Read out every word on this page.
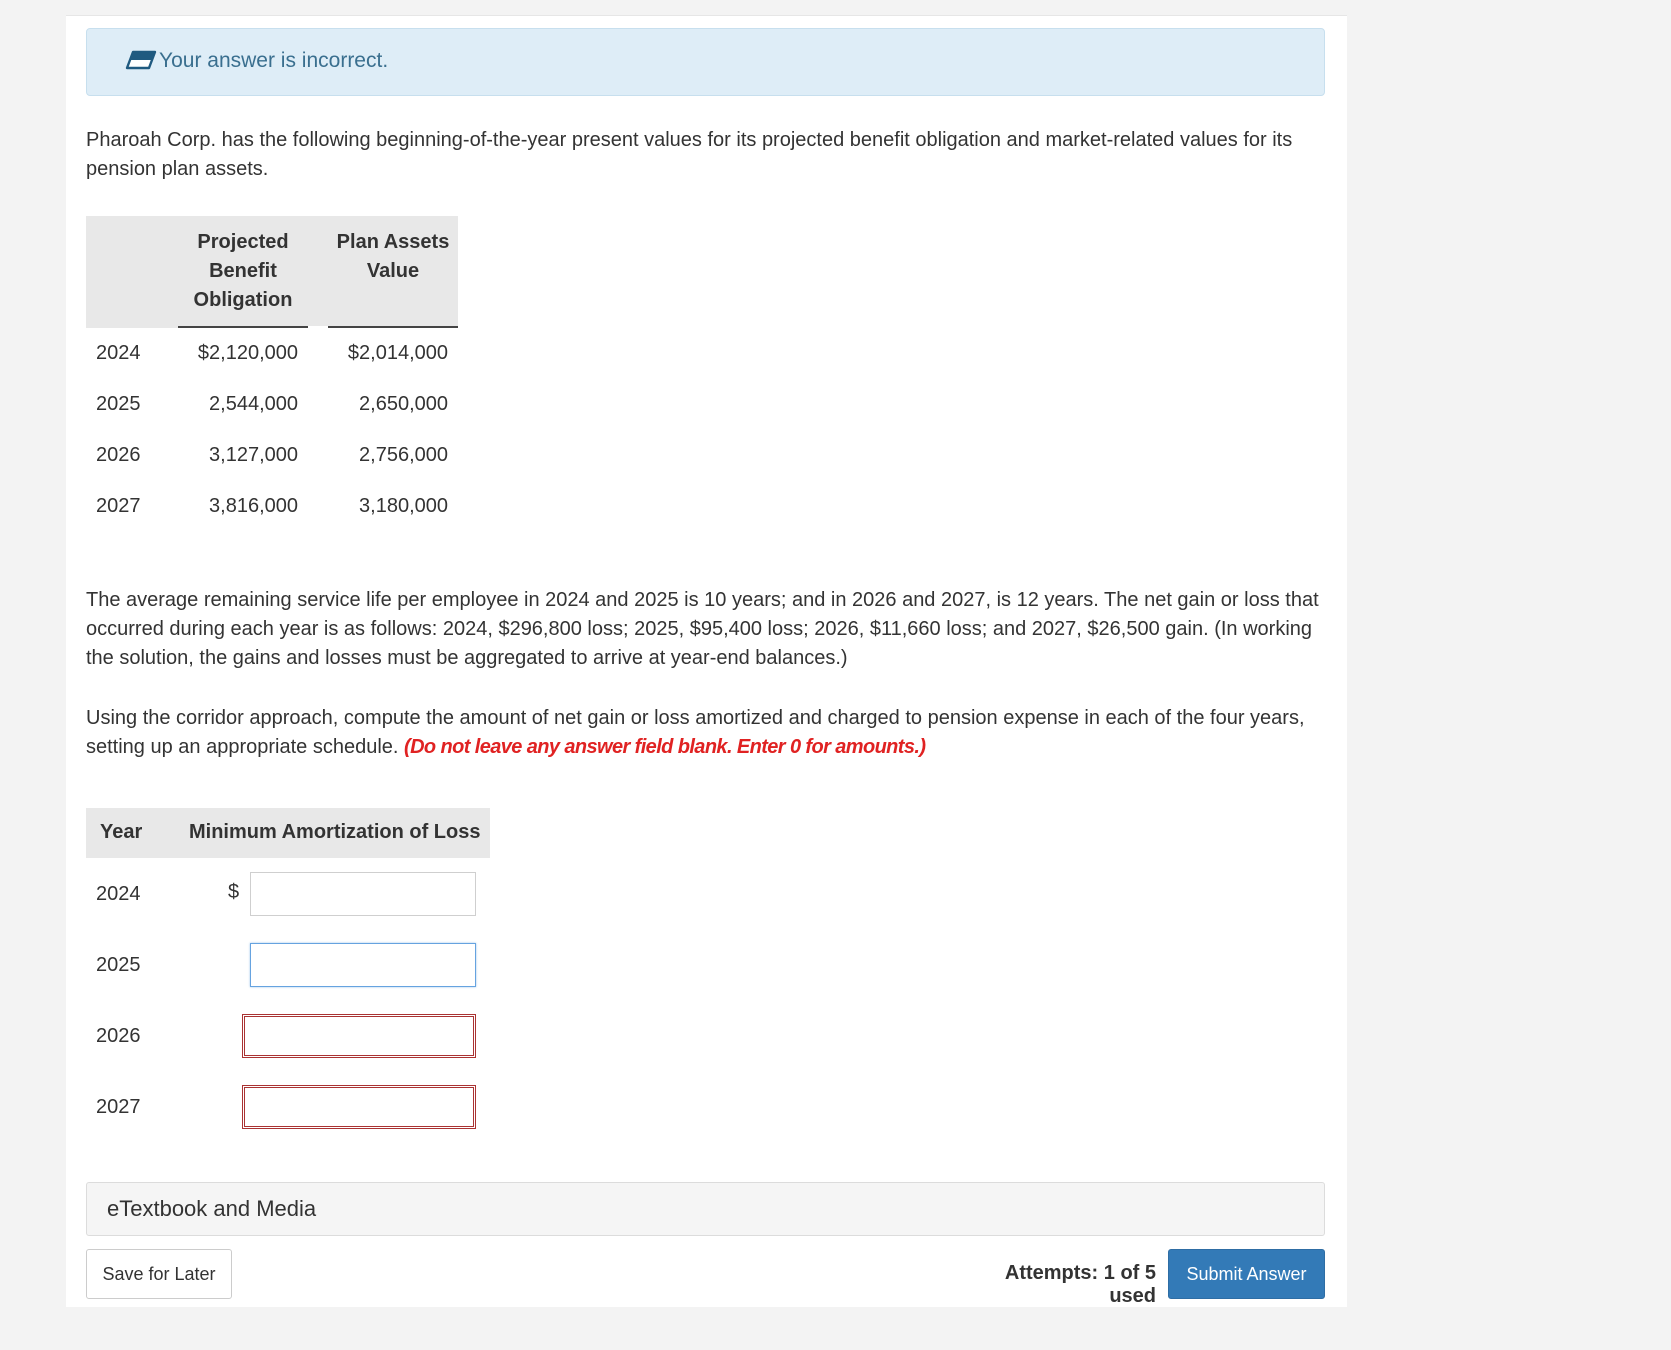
Your answer is incorrect.

Pharoah Corp. has the following beginning-of-the-year present values for its projected benefit obligation and market-related values for its pension plan assets.

Projected Benefit Obligation
Plan Assets Value
2024	$2,120,000	$2,014,000
2025	2,544,000	2,650,000
2026	3,127,000	2,756,000
2027	3,816,000	3,180,000

The average remaining service life per employee in 2024 and 2025 is 10 years; and in 2026 and 2027, is 12 years. The net gain or loss that occurred during each year is as follows: 2024, $296,800 loss; 2025, $95,400 loss; 2026, $11,660 loss; and 2027, $26,500 gain. (In working the solution, the gains and losses must be aggregated to arrive at year-end balances.)

Using the corridor approach, compute the amount of net gain or loss amortized and charged to pension expense in each of the four years, setting up an appropriate schedule. (Do not leave any answer field blank. Enter 0 for amounts.)

Year Minimum Amortization of Loss
2024	$
2025
2026
2027
eTextbook and Media
Save for Later	Attempts: 1 of 5 used
Submit Answer
